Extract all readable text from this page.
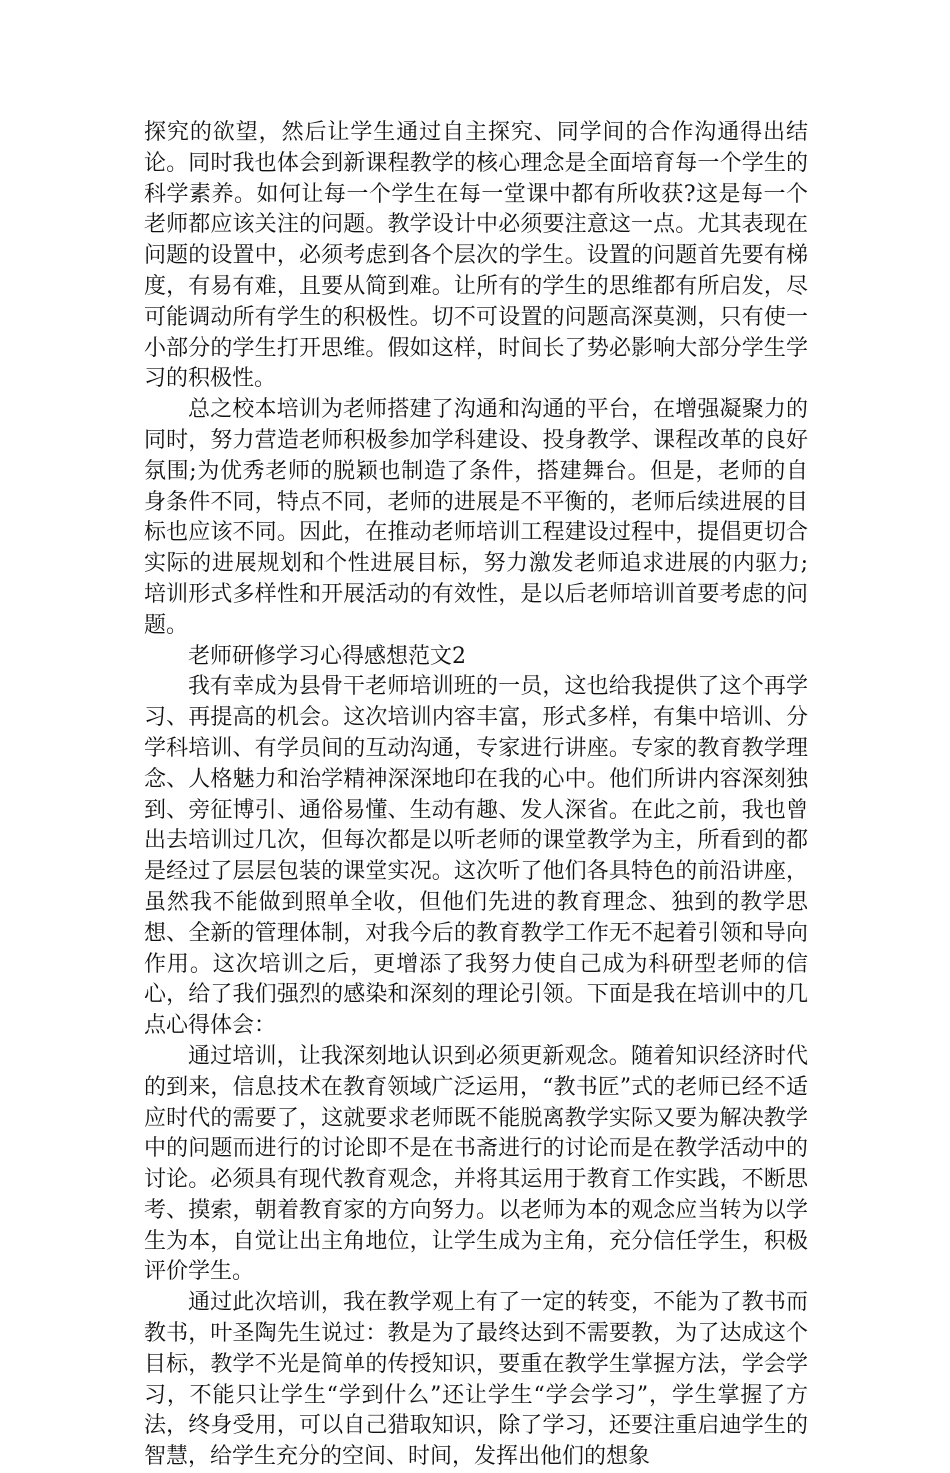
探究的欲望，然后让学生通过自主探究、同学间的合作沟通得出结论。同时我也体会到新课程教学的核心理念是全面培育每一个学生的科学素养。如何让每一个学生在每一堂课中都有所收获?这是每一个老师都应该关注的问题。教学设计中必须要注意这一点。尤其表现在问题的设置中，必须考虑到各个层次的学生。设置的问题首先要有梯度，有易有难，且要从简到难。让所有的学生的思维都有所启发，尽可能调动所有学生的积极性。切不可设置的问题高深莫测，只有使一小部分的学生打开思维。假如这样，时间长了势必影响大部分学生学习的积极性。

总之校本培训为老师搭建了沟通和沟通的平台，在增强凝聚力的同时，努力营造老师积极参加学科建设、投身教学、课程改革的良好氛围;为优秀老师的脱颖也制造了条件，搭建舞台。但是，老师的自身条件不同，特点不同，老师的进展是不平衡的，老师后续进展的目标也应该不同。因此，在推动老师培训工程建设过程中，提倡更切合实际的进展规划和个性进展目标，努力激发老师追求进展的内驱力;培训形式多样性和开展活动的有效性，是以后老师培训首要考虑的问题。

老师研修学习心得感想范文2

我有幸成为县骨干老师培训班的一员，这也给我提供了这个再学习、再提高的机会。这次培训内容丰富，形式多样，有集中培训、分学科培训、有学员间的互动沟通，专家进行讲座。专家的教育教学理念、人格魅力和治学精神深深地印在我的心中。他们所讲内容深刻独到、旁征博引、通俗易懂、生动有趣、发人深省。在此之前，我也曾出去培训过几次，但每次都是以听老师的课堂教学为主，所看到的都是经过了层层包装的课堂实况。这次听了他们各具特色的前沿讲座，虽然我不能做到照单全收，但他们先进的教育理念、独到的教学思想、全新的管理体制，对我今后的教育教学工作无不起着引领和导向作用。这次培训之后，更增添了我努力使自己成为科研型老师的信心，给了我们强烈的感染和深刻的理论引领。下面是我在培训中的几点心得体会：

通过培训，让我深刻地认识到必须更新观念。随着知识经济时代的到来，信息技术在教育领域广泛运用，“教书匠”式的老师已经不适应时代的需要了，这就要求老师既不能脱离教学实际又要为解决教学中的问题而进行的讨论即不是在书斋进行的讨论而是在教学活动中的讨论。必须具有现代教育观念，并将其运用于教育工作实践，不断思考、摸索，朝着教育家的方向努力。以老师为本的观念应当转为以学生为本，自觉让出主角地位，让学生成为主角，充分信任学生，积极评价学生。

通过此次培训，我在教学观上有了一定的转变，不能为了教书而教书，叶圣陶先生说过：教是为了最终达到不需要教，为了达成这个目标，教学不光是简单的传授知识，要重在教学生掌握方法，学会学习，不能只让学生“学到什么”还让学生“学会学习”，学生掌握了方法，终身受用，可以自己猎取知识，除了学习，还要注重启迪学生的智慧，给学生充分的空间、时间，发挥出他们的想象
